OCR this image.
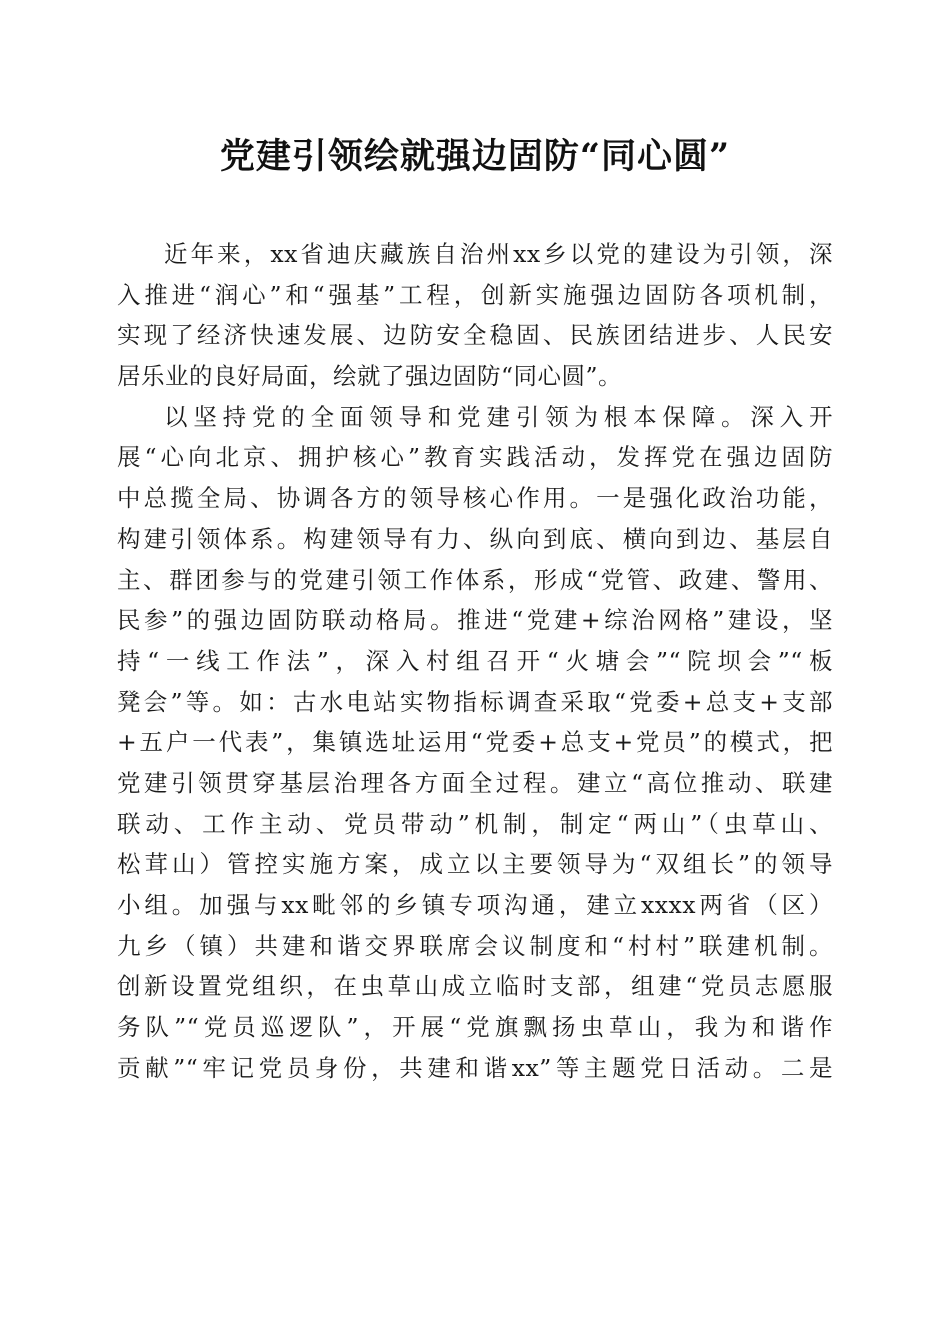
党建引领绘就强边固防“同心圆”
近年来，xx省迪庆藏族自治州xx乡以党的建设为引领，深
入推进“润心”和“强基”工程，创新实施强边固防各项机制，
实现了经济快速发展、边防安全稳固、民族团结进步、人民安
居乐业的良好局面，绘就了强边固防“同心圆”。
以坚持党的全面领导和党建引领为根本保障。深入开
展“心向北京、拥护核心”教育实践活动，发挥党在强边固防
中总揽全局、协调各方的领导核心作用。一是强化政治功能，
构建引领体系。构建领导有力、纵向到底、横向到边、基层自
主、群团参与的党建引领工作体系，形成“党管、政建、警用、
民参”的强边固防联动格局。推进“党建+综治网格”建设，坚
持“一线工作法”，深入村组召开“火塘会”“院坝会”“板
凳会”等。如：古水电站实物指标调查采取“党委+总支+支部
+五户一代表”，集镇选址运用“党委+总支+党员”的模式，把
党建引领贯穿基层治理各方面全过程。建立“高位推动、联建
联动、工作主动、党员带动”机制，制定“两山”（虫草山、
松茸山）管控实施方案，成立以主要领导为“双组长”的领导
小组。加强与xx毗邻的乡镇专项沟通，建立xxxx两省（区）
九乡（镇）共建和谐交界联席会议制度和“村村”联建机制。
创新设置党组织，在虫草山成立临时支部，组建“党员志愿服
务队”“党员巡逻队”，开展“党旗飘扬虫草山，我为和谐作
贡献”“牢记党员身份，共建和谐xx”等主题党日活动。二是
